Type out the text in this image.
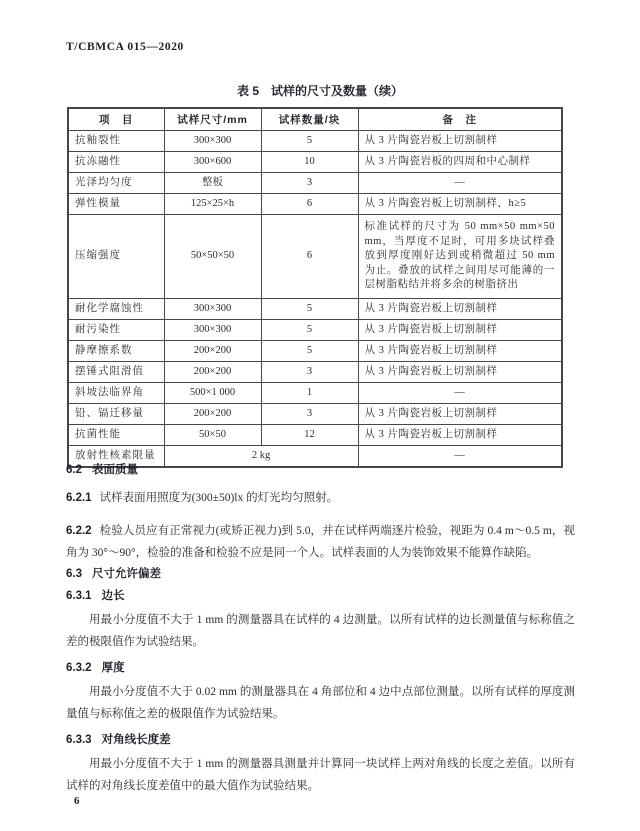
T/CBMCA 015—2020
表 5　试样的尺寸及数量（续）
项　目	试样尺寸/mm	试样数量/块	备　注
抗釉裂性	300×300	5	从 3 片陶瓷岩板上切割制样
抗冻融性	300×600	10	从 3 片陶瓷岩板的四周和中心制样
光泽均匀度	整板	3	—
弹性模量	125×25×h	6	从 3 片陶瓷岩板上切割制样，h≥5
压缩强度	50×50×50	6	标准试样的尺寸为 50 mm×50 mm×50 mm，当厚度不足时，可用多块试样叠放到厚度刚好达到或稍微超过 50 mm 为止。叠放的试样之间用尽可能薄的一层树脂粘结并将多余的树脂挤出
耐化学腐蚀性	300×300	5	从 3 片陶瓷岩板上切割制样
耐污染性	300×300	5	从 3 片陶瓷岩板上切割制样
静摩擦系数	200×200	5	从 3 片陶瓷岩板上切割制样
摆锤式阻滑值	200×200	3	从 3 片陶瓷岩板上切割制样
斜坡法临界角	500×1 000	1	—
铅、镉迁移量	200×200	3	从 3 片陶瓷岩板上切割制样
抗菌性能	50×50	12	从 3 片陶瓷岩板上切割制样
放射性核素限量	2 kg		—
6.2 表面质量

6.2.1 试样表面用照度为(300±50)lx 的灯光均匀照射。

6.2.2 检验人员应有正常视力(或矫正视力)到 5.0，并在试样两端逐片检验，视距为 0.4 m～0.5 m，视角为 30°～90°，检验的准备和检验不应是同一个人。试样表面的人为装饰效果不能算作缺陷。

6.3 尺寸允许偏差
6.3.1 边长

用最小分度值不大于 1 mm 的测量器具在试样的 4 边测量。以所有试样的边长测量值与标称值之差的极限值作为试验结果。

6.3.2 厚度

用最小分度值不大于 0.02 mm 的测量器具在 4 角部位和 4 边中点部位测量。以所有试样的厚度测量值与标称值之差的极限值作为试验结果。

6.3.3 对角线长度差

用最小分度值不大于 1 mm 的测量器具测量并计算同一块试样上两对角线的长度之差值。以所有试样的对角线长度差值中的最大值作为试验结果。

6
